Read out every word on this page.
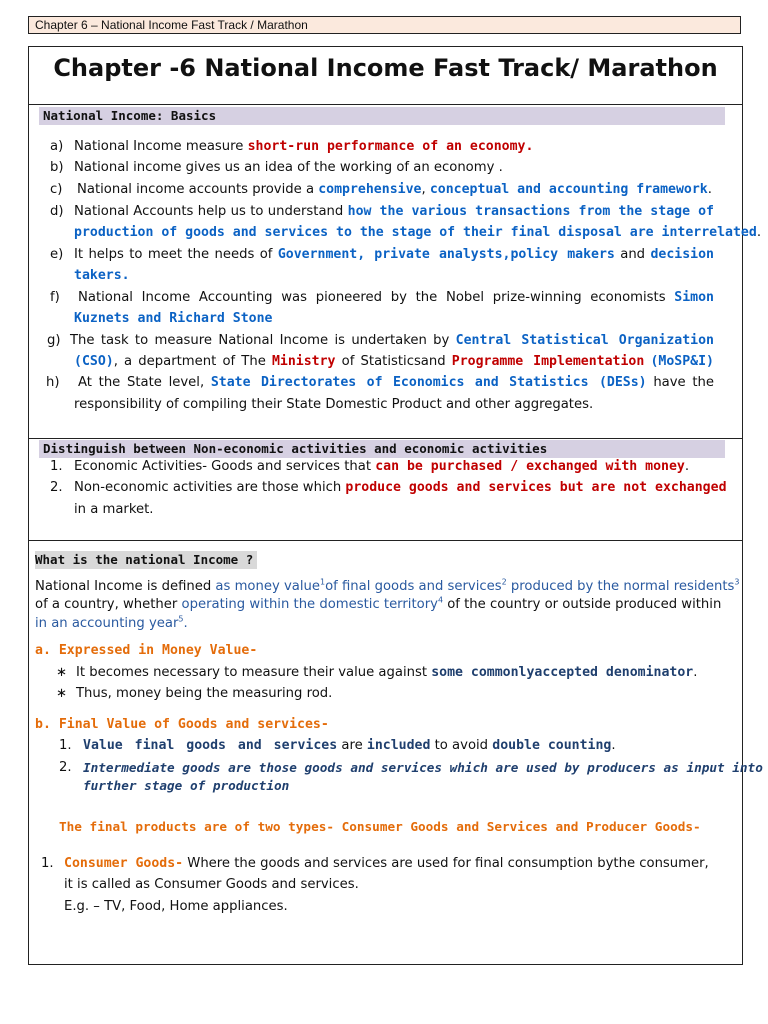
Chapter 6 – National Income Fast Track / Marathon
Chapter -6 National Income Fast Track/ Marathon
National Income: Basics
a) National Income measure short-run performance of an economy.
b) National income gives us an idea of the working of an economy .
c) National income accounts provide a comprehensive, conceptual and accounting framework.
d) National Accounts help us to understand how the various transactions from the stage of
production of goods and services to the stage of their final disposal are interrelated.
e) It helps to meet the needs of Government, private analysts,policy makers and decision
takers.
f) National Income Accounting was pioneered by the Nobel prize-winning economists Simon
Kuznets and Richard Stone
g) The task to measure National Income is undertaken by Central Statistical Organization
(CSO), a department of The Ministry of Statisticsand Programme Implementation (MoSP&I)
h) At the State level, State Directorates of Economics and Statistics (DESs) have the
responsibility of compiling their State Domestic Product and other aggregates.
Distinguish between Non-economic activities and economic activities
1. Economic Activities- Goods and services that can be purchased / exchanged with money.
2. Non-economic activities are those which produce goods and services but are not exchanged
in a market.
What is the national Income ?
National Income is defined as money value$^1$of final goods and services$^2$ produced by the normal residents$^3$
of a country, whether operating within the domestic territory$^4$ of the country or outside produced within
in an accounting year$^5$.
a. Expressed in Money Value-
∗ It becomes necessary to measure their value against some commonlyaccepted denominator.
∗ Thus, money being the measuring rod.
b. Final Value of Goods and services-
1. Value final goods and services are included to avoid double counting.
2. Intermediate goods are those goods and services which are used by producers as input into
further stage of production
The final products are of two types- Consumer Goods and Services and Producer Goods-
1. Consumer Goods- Where the goods and services are used for final consumption bythe consumer,
it is called as Consumer Goods and services.
E.g. – TV, Food, Home appliances.
